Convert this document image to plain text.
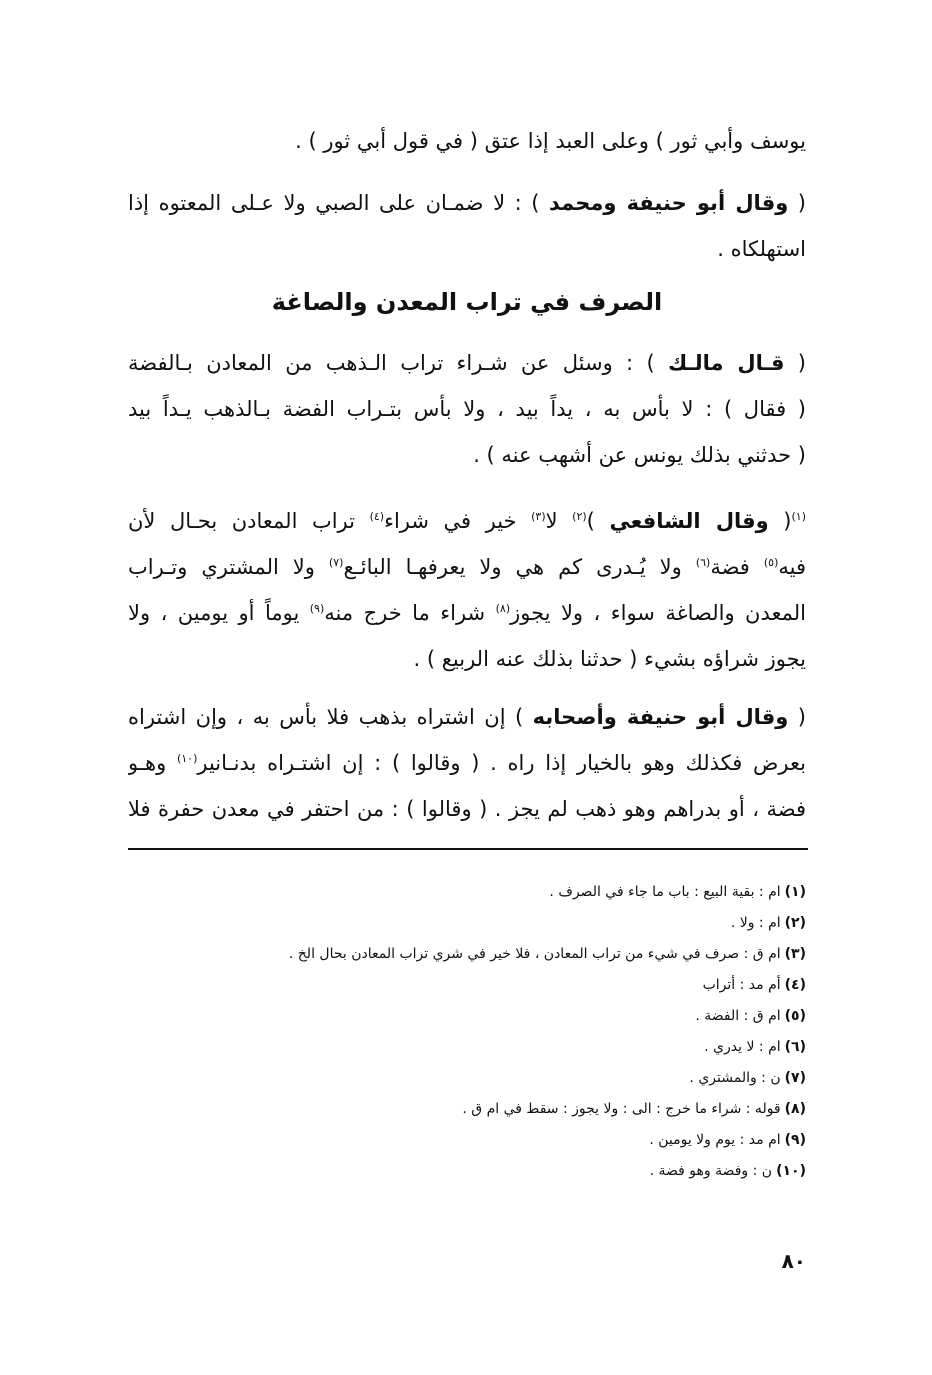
يوسف وأبي ثور ) وعلى العبد إذا عتق ( في قول أبي ثور ) .
( وقال أبو حنيفة ومحمد ) : لا ضمـان على الصبي ولا عـلى المعتوه إذا
استهلكاه .
الصرف في تراب المعدن والصاغة
( قـال مالـك ) : وسئل عن شـراء تراب الـذهب من المعادن بـالفضة
( فقال ) : لا بأس به ، يداً بيد ، ولا بأس بتـراب الفضة بـالذهب يـداً بيد
( حدثني بذلك يونس عن أشهب عنه ) .
$^{(١)}$( وقال الشافعي )$^{(٢)}$ لا$^{(٣)}$ خير في شراء$^{(٤)}$ تراب المعادن بحـال لأن
فيه$^{(٥)}$ فضة$^{(٦)}$ ولا يُـدرى كم هي ولا يعرفهـا البائـع$^{(٧)}$ ولا المشتري وتـراب
المعدن والصاغة سواء ، ولا يجوز$^{(٨)}$ شراء ما خرج منه$^{(٩)}$ يوماً أو يومين ، ولا
يجوز شراؤه بشيء ( حدثنا بذلك عنه الربيع ) .
( وقال أبو حنيفة وأصحابه ) إن اشتراه بذهب فلا بأس به ، وإن اشتراه
بعرض فكذلك وهو بالخيار إذا راه . ( وقالوا ) : إن اشتـراه بدنـانير$^{(١٠)}$ وهـو
فضة ، أو بدراهم وهو ذهب لم يجز . ( وقالوا ) : من احتفر في معدن حفرة فلا
(١)ام : بقية البيع : باب ما جاء في الصرف .
(٢)ام : ولا .
(٣)ام ق : صرف في شيء من تراب المعادن ، فلا خير في شري تراب المعادن بحال الخ .
(٤)أم مد : أتراب
(٥)ام ق : الفضة .
(٦)ام : لا يدري .
(٧)ن : والمشتري .
(٨)قوله : شراء ما خرج : الى : ولا يجوز : سقط في ام ق .
(٩)ام مد : يوم ولا يومين .
(١٠)ن : وفضة وهو فضة .
٨٠
